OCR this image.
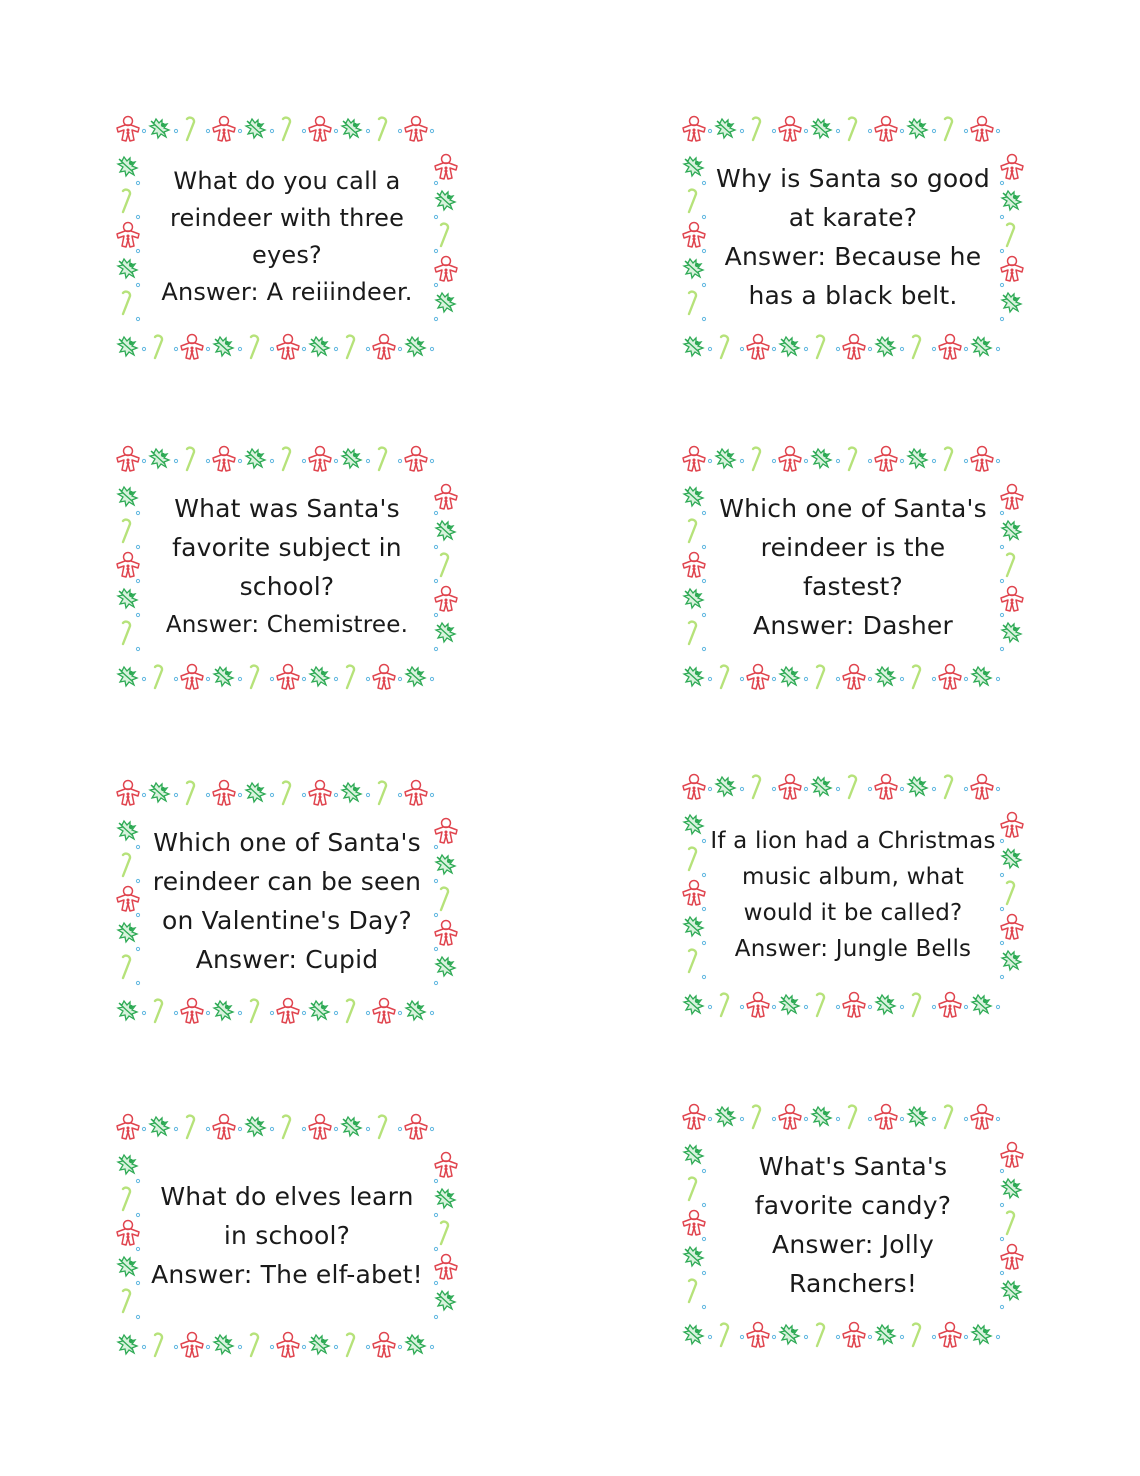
What do you call a reindeer with three eyes?
Answer: A reiiindeer.
Why is Santa so good at karate?
Answer: Because he has a black belt.
What was Santa's favorite subject in school?
Answer: Chemistree.
Which one of Santa's reindeer is the fastest?
Answer: Dasher
Which one of Santa's reindeer can be seen on Valentine's Day?
Answer: Cupid
If a lion had a Christmas music album, what would it be called?
Answer: Jungle Bells
What do elves learn in school?
Answer: The elf-abet!
What's Santa's favorite candy?
Answer: Jolly Ranchers!
